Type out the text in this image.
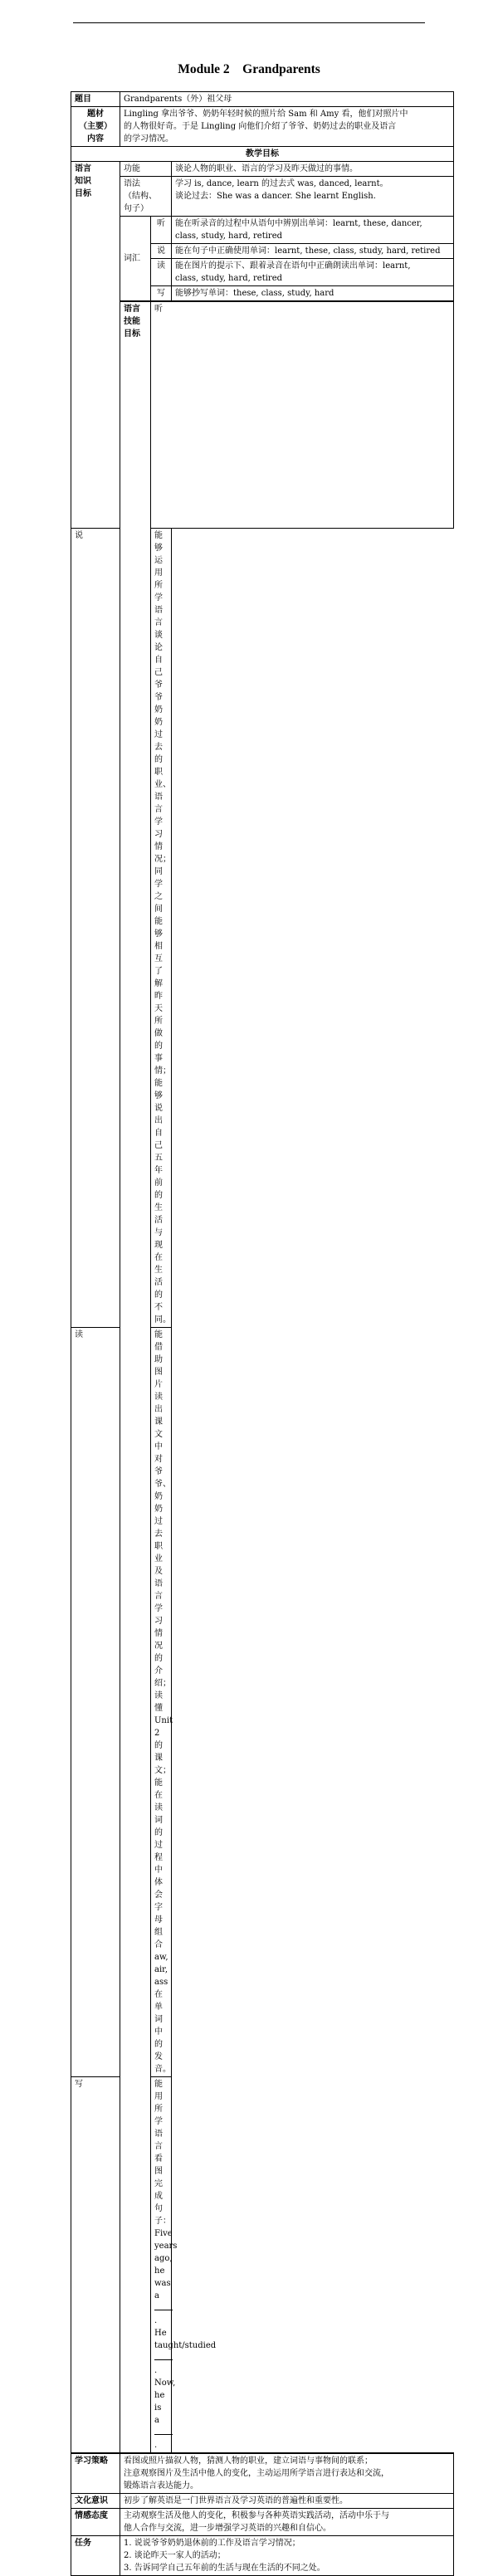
Module 2    Grandparents
题目	Grandparents（外）祖父母			

题材
（主要）
内容	Lingling 拿出爷爷、奶奶年轻时候的照片给 Sam 和 Amy 看，他们对照片中
的人物很好奇。于是 Lingling 向他们介绍了爷爷、奶奶过去的职业及语言
的学习情况。			

教学目标				

语言
知识
目标	功能		谈论人物的职业、语言的学习及昨天做过的事情。	

	语法
（结构、
句子）		学习 is, dance, learn 的过去式 was, danced, learnt。
谈论过去：She was a dancer. She learnt English.	

	词汇	听	能在听录音的过程中从语句中辨别出单词：learnt, these, dancer,
class, study, hard, retired	

		说	能在句子中正确使用单词：learnt, these, class, study, hard, retired	
		读	能在图片的提示下、跟着录音在语句中正确朗读出单词：learnt,
class, study, hard, retired	

		写	能够抄写单词：these, class, study, hard	

	语言
技能
目标	听	
说		能够运用所学语言谈论自己爷爷奶奶过去的职业、语言学习情
况；
同学之间能够相互了解昨天所做的事情；
能够说出自己五年前的生活与现在生活的不同。		

读		能借助图片读出课文中对爷爷、奶奶过去职业及语言学习情况
的介绍；
读懂 Unit 2 的课文；
能在读词的过程中体会字母组合 aw, air, ass 在单词中的发音。		

写		能用所学语言看图完成句子：Five years ago, he was a. He
taught/studied. Now, he is a.		

学习策略	看图或照片描叙人物，猜测人物的职业，建立词语与事物间的联系；
注意观察图片及生活中他人的变化，主动运用所学语言进行表达和交流，
锻炼语言表达能力。			

文化意识	初步了解英语是一门世界语言及学习英语的普遍性和重要性。			
情感态度	主动观察生活及他人的变化，积极参与各种英语实践活动，活动中乐于与
他人合作与交流，进一步增强学习英语的兴趣和自信心。			

任务	1. 说说爷爷奶奶退休前的工作及语言学习情况；
2. 谈论昨天一家人的活动；
3. 告诉同学自己五年前的生活与现在生活的不同之处。			
